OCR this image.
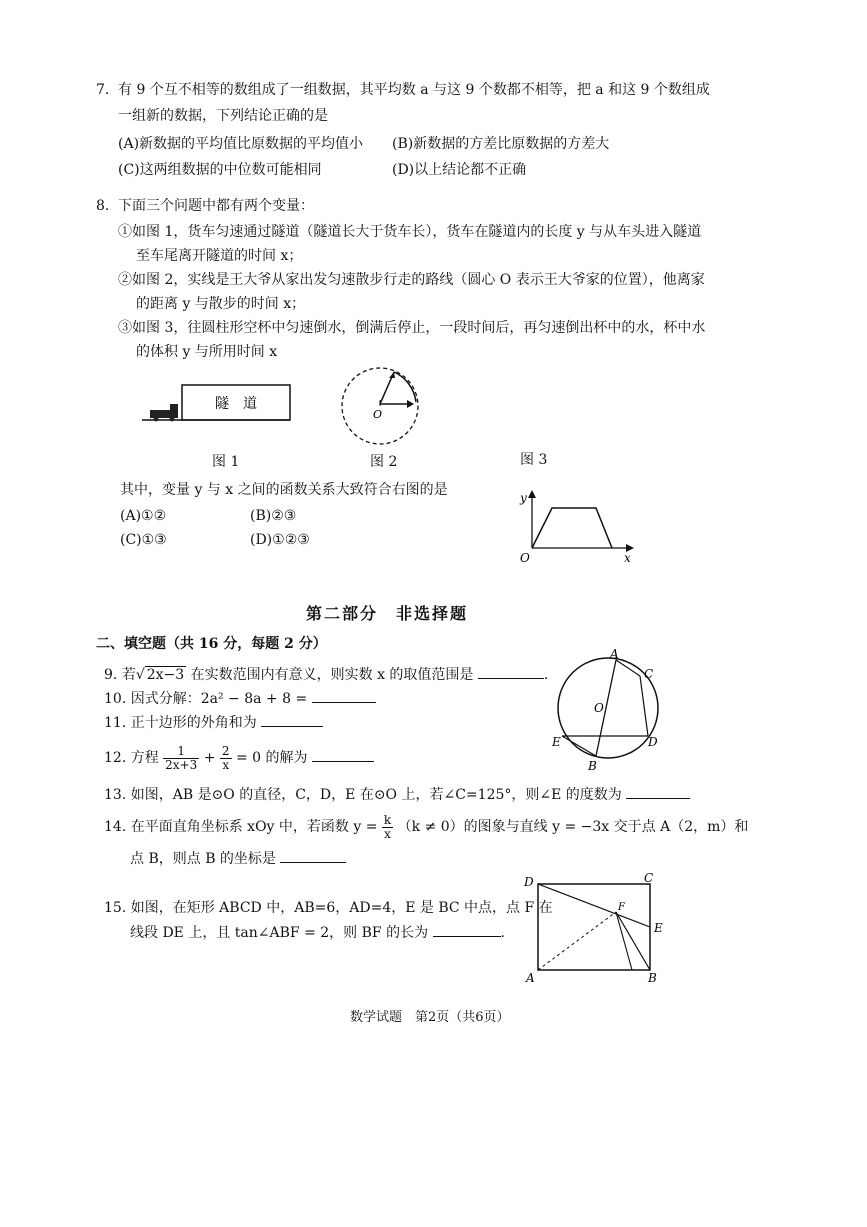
7. 有 9 个互不相等的数组成了一组数据，其平均数 a 与这 9 个数都不相等，把 a 和这 9 个数组成
一组新的数据，下列结论正确的是
(A)新数据的平均值比原数据的平均值小 (B)新数据的方差比原数据的方差大
(C)这两组数据的中位数可能相同	(D)以上结论都不正确
8. 下面三个问题中都有两个变量：
①如图 1，货车匀速通过隧道（隧道长大于货车长），货车在隧道内的长度 y 与从车头进入隧道
至车尾离开隧道的时间 x；
②如图 2，实线是王大爷从家出发匀速散步行走的路线（圆心 O 表示王大爷家的位置），他离家
的距离 y 与散步的时间 x；
③如图 3，往圆柱形空杯中匀速倒水，倒满后停止，一段时间后，再匀速倒出杯中的水，杯中水
的体积 y 与所用时间 x
隧　道
O
图 1	图 2	图 3
其中，变量 y 与 x 之间的函数关系大致符合右图的是
(A)①②	(B)②③
(C)①③	(D)①②③
y
x
O
第二部分　非选择题
二、填空题（共 16 分，每题 2 分）
9. 若√ 2x−3 在实数范围内有意义，则实数 x 的取值范围是	.
10. 因式分解：2a² − 8a + 8 =
11. 正十边形的外角和为
12. 方程 $\frac{1}{2x+3} + \frac{2}{x} = 0$ 的解为
A
B
C
D
E
O
13. 如图，AB 是⊙O 的直径，C，D，E 在⊙O 上，若∠C=125°，则∠E 的度数为
14. 在平面直角坐标系 xOy 中，若函数 $y = \frac{k}{x} (k \ne 0)$的图象与直线 y = −3x 交于点 A（2，m）和
点 B，则点 B 的坐标是
15. 如图，在矩形 ABCD 中，AB=6，AD=4，E 是 BC 中点，点 F 在
线段 DE 上，且 tan∠ABF = 2，则 BF 的长为	.
D	C
E
F
A	B
数学试题　第2页（共6页）
